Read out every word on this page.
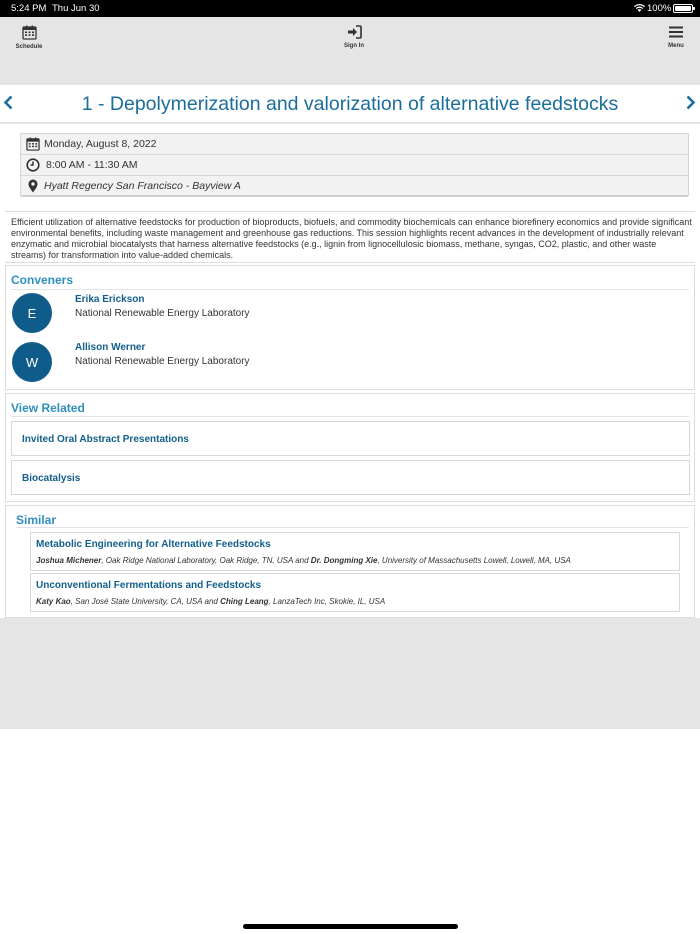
5:24 PM Thu Jun 30	100%
Schedule	Sign In	Menu
1 - Depolymerization and valorization of alternative feedstocks
Monday, August 8, 2022
8:00 AM - 11:30 AM
Hyatt Regency San Francisco - Bayview A

Efficient utilization of alternative feedstocks for production of bioproducts, biofuels, and commodity biochemicals can enhance biorefinery economics and provide significant environmental benefits, including waste management and greenhouse gas reductions. This session highlights recent advances in the development of industrially relevant enzymatic and microbial biocatalysts that harness alternative feedstocks (e.g., lignin from lignocellulosic biomass, methane, syngas, CO2, plastic, and other waste streams) for transformation into value-added chemicals.

Conveners
E
Erika Erickson
National Renewable Energy Laboratory
W
Allison Werner
National Renewable Energy Laboratory
View Related
Invited Oral Abstract Presentations
Biocatalysis
Similar
Metabolic Engineering for Alternative Feedstocks
Joshua Michener, Oak Ridge National Laboratory, Oak Ridge, TN, USA and Dr. Dongming Xie, University of Massachusetts Lowell, Lowell, MA, USA
Unconventional Fermentations and Feedstocks
Katy Kao, San José State University, CA, USA and Ching Leang, LanzaTech Inc, Skokie, IL, USA
